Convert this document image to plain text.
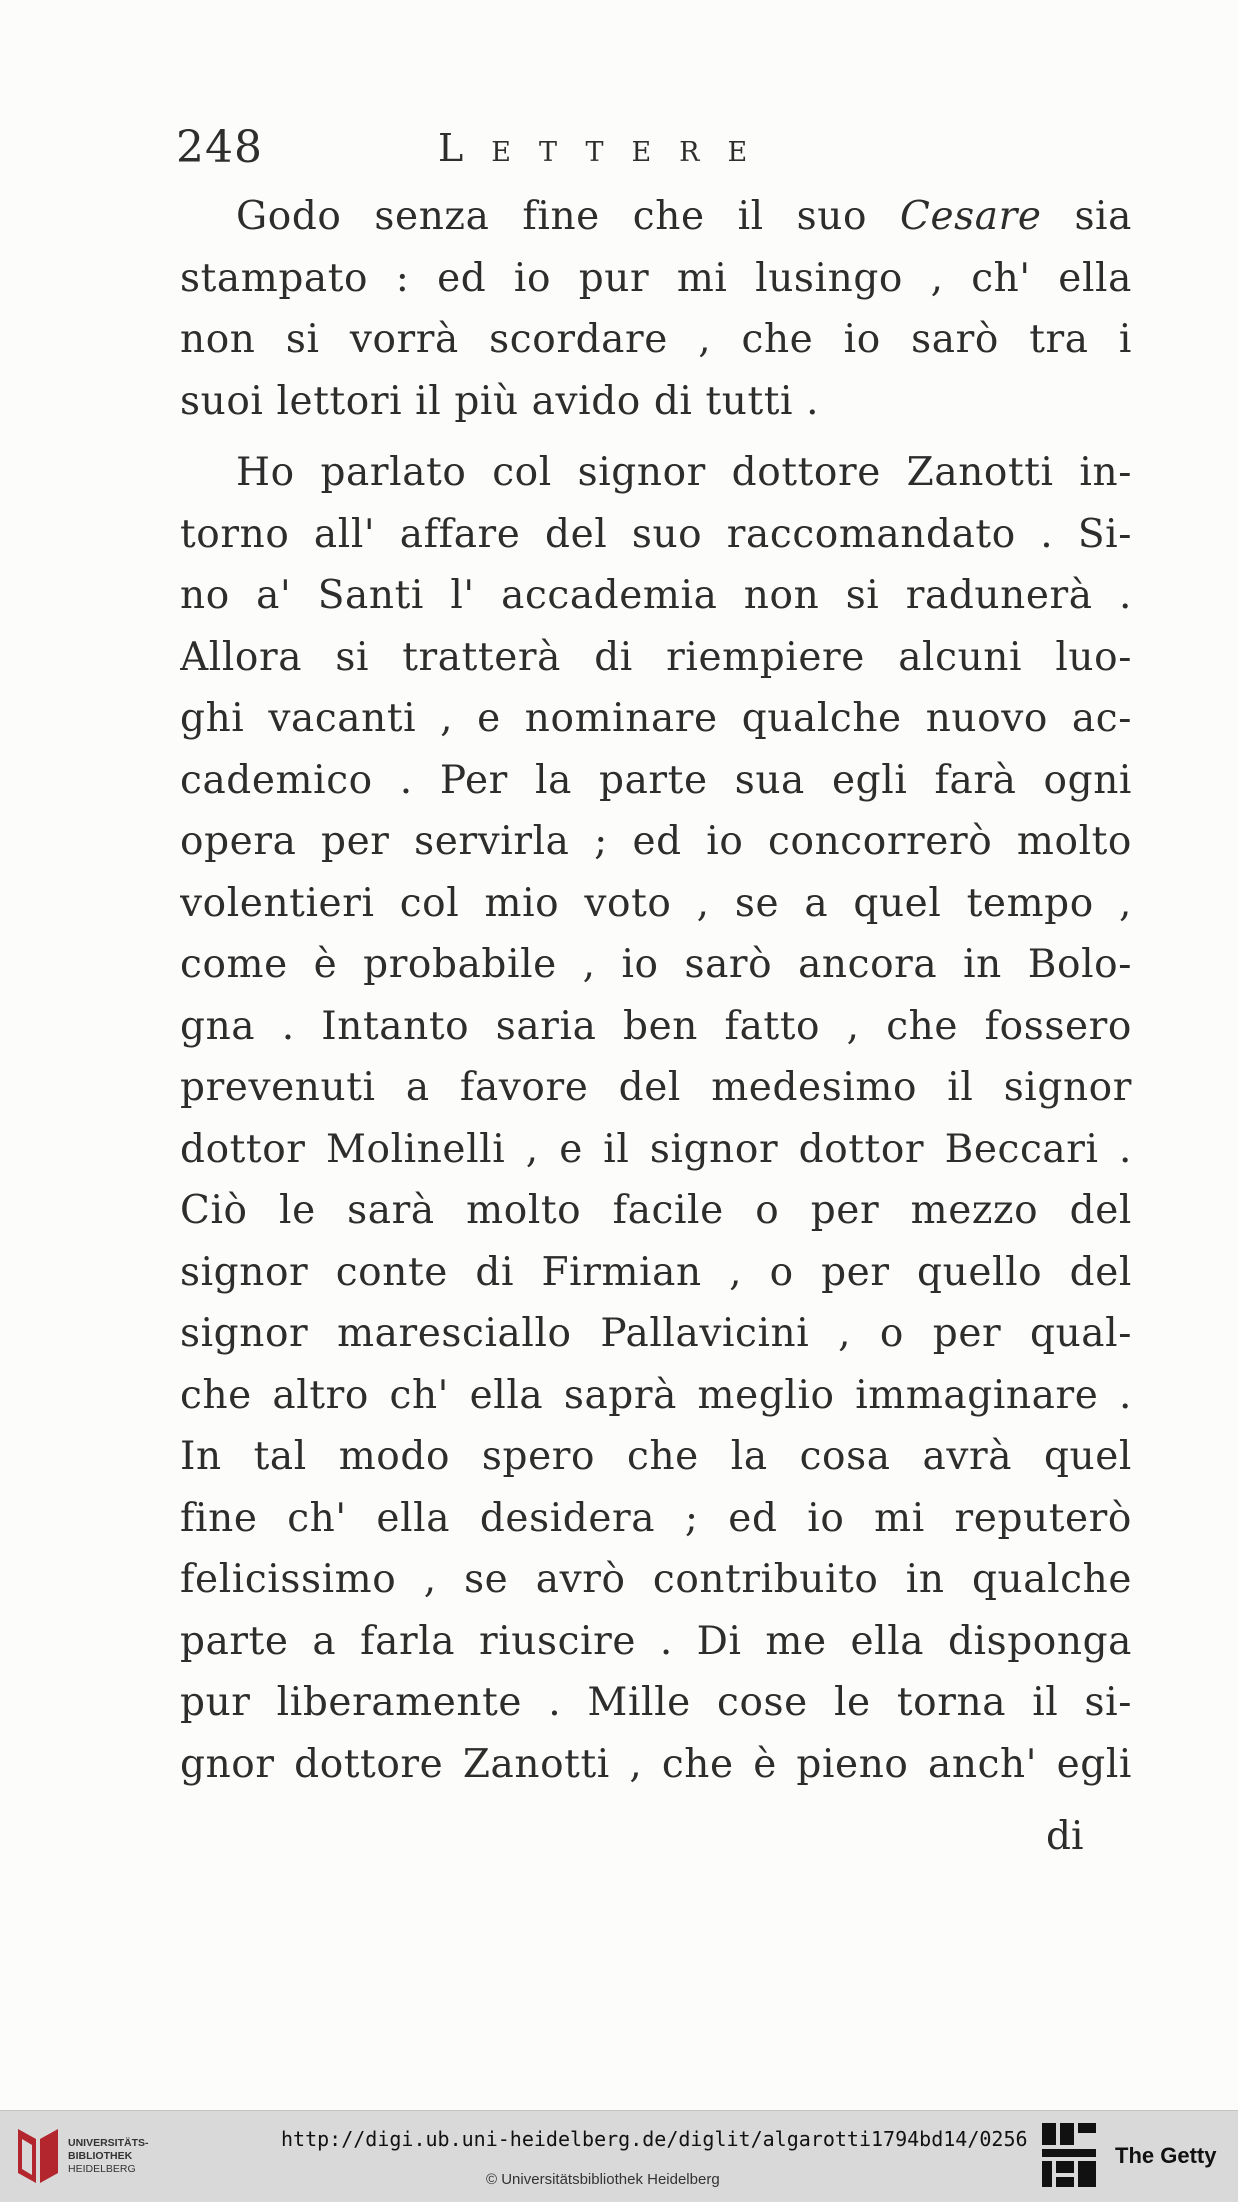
248	Lettere
Godo senza fine che il suo Cesare sia
stampato : ed io pur mi lusingo , ch' ella
non si vorrà scordare , che io sarò tra i
suoi lettori il più avido di tutti .
Ho parlato col signor dottore Zanotti in-
torno all' affare del suo raccomandato . Si-
no a' Santi l' accademia non si radunerà .
Allora si tratterà di riempiere alcuni luo-
ghi vacanti , e nominare qualche nuovo ac-
cademico . Per la parte sua egli farà ogni
opera per servirla ; ed io concorrerò molto
volentieri col mio voto , se a quel tempo ,
come è probabile , io sarò ancora in Bolo-
gna . Intanto saria ben fatto , che fossero
prevenuti a favore del medesimo il signor
dottor Molinelli , e il signor dottor Beccari .
Ciò le sarà molto facile o per mezzo del
signor conte di Firmian , o per quello del
signor maresciallo Pallavicini , o per qual-
che altro ch' ella saprà meglio immaginare .
In tal modo spero che la cosa avrà quel
fine ch' ella desidera ; ed io mi reputerò
felicissimo , se avrò contribuito in qualche
parte a farla riuscire . Di me ella disponga
pur liberamente . Mille cose le torna il si-
gnor dottore Zanotti , che è pieno anch' egli
di
UNIVERSITÄTS-
BIBLIOTHEK
HEIDELBERG
http://digi.ub.uni-heidelberg.de/diglit/algarotti1794bd14/0256
© Universitätsbibliothek Heidelberg
The Getty
